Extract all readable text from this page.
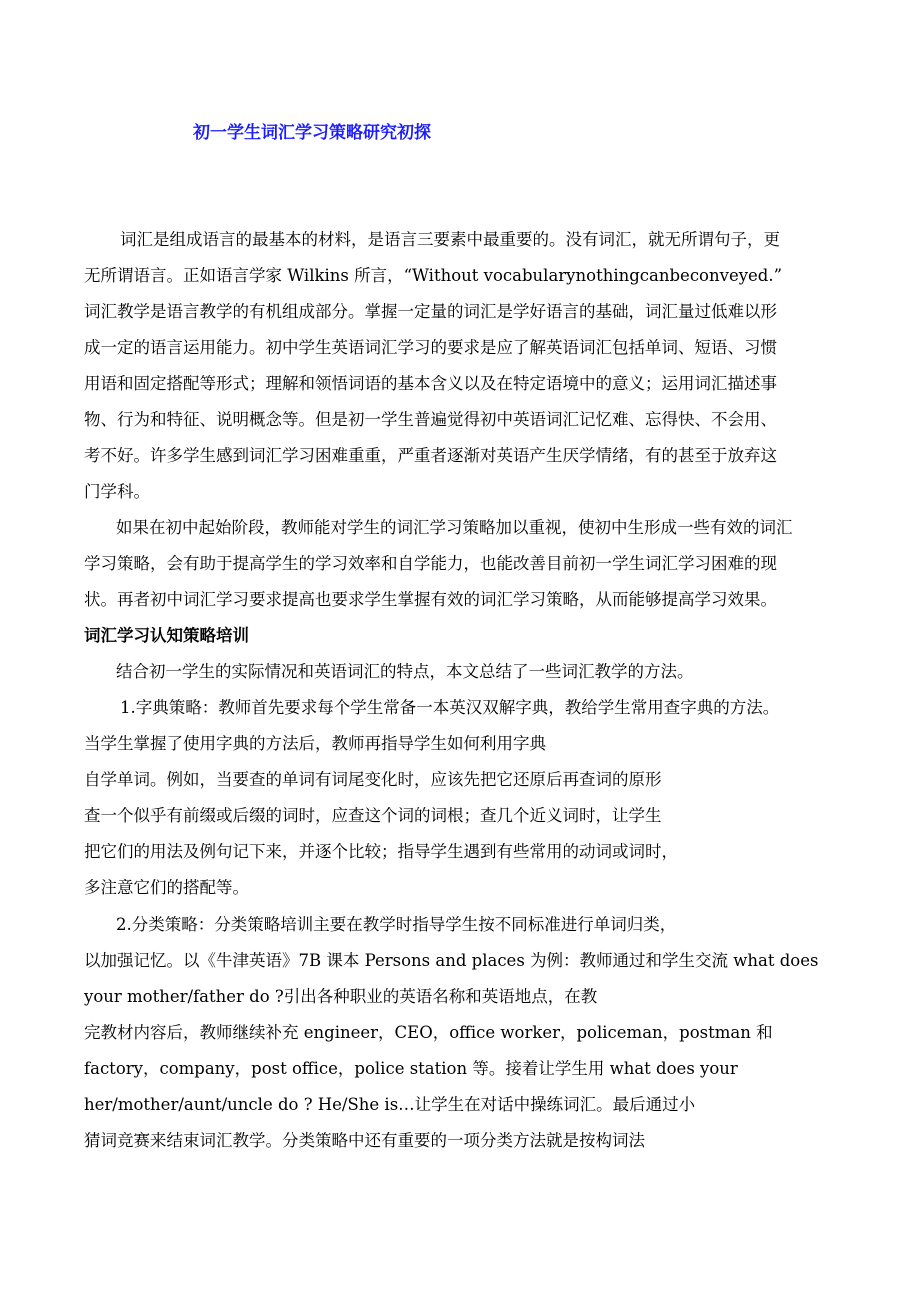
初一学生词汇学习策略研究初探
词汇是组成语言的最基本的材料，是语言三要素中最重要的。没有词汇，就无所谓句子，更
无所谓语言。正如语言学家 Wilkins 所言，“Without vocabularynothingcanbeconveyed.”
词汇教学是语言教学的有机组成部分。掌握一定量的词汇是学好语言的基础，词汇量过低难以形
成一定的语言运用能力。初中学生英语词汇学习的要求是应了解英语词汇包括单词、短语、习惯
用语和固定搭配等形式；理解和领悟词语的基本含义以及在特定语境中的意义；运用词汇描述事
物、行为和特征、说明概念等。但是初一学生普遍觉得初中英语词汇记忆难、忘得快、不会用、
考不好。许多学生感到词汇学习困难重重，严重者逐渐对英语产生厌学情绪，有的甚至于放弃这
门学科。
如果在初中起始阶段，教师能对学生的词汇学习策略加以重视，使初中生形成一些有效的词汇
学习策略，会有助于提高学生的学习效率和自学能力，也能改善目前初一学生词汇学习困难的现
状。再者初中词汇学习要求提高也要求学生掌握有效的词汇学习策略，从而能够提高学习效果。
词汇学习认知策略培训
结合初一学生的实际情况和英语词汇的特点，本文总结了一些词汇教学的方法。
1.字典策略：教师首先要求每个学生常备一本英汉双解字典，教给学生常用查字典的方法。
当学生掌握了使用字典的方法后，教师再指导学生如何利用字典
自学单词。例如，当要查的单词有词尾变化时，应该先把它还原后再查词的原形
查一个似乎有前缀或后缀的词时，应查这个词的词根；查几个近义词时，让学生
把它们的用法及例句记下来，并逐个比较；指导学生遇到有些常用的动词或词时，
多注意它们的搭配等。
2.分类策略：分类策略培训主要在教学时指导学生按不同标准进行单词归类，
以加强记忆。以《牛津英语》7B 课本 Persons and places 为例：教师通过和学生交流 what does
your mother/father do ?引出各种职业的英语名称和英语地点，在教
完教材内容后，教师继续补充 engineer，CEO，office worker，policeman，postman 和
factory，company，post office，police station 等。接着让学生用 what does your
her/mother/aunt/uncle do ? He/She is…让学生在对话中操练词汇。最后通过小
猜词竞赛来结束词汇教学。分类策略中还有重要的一项分类方法就是按构词法
